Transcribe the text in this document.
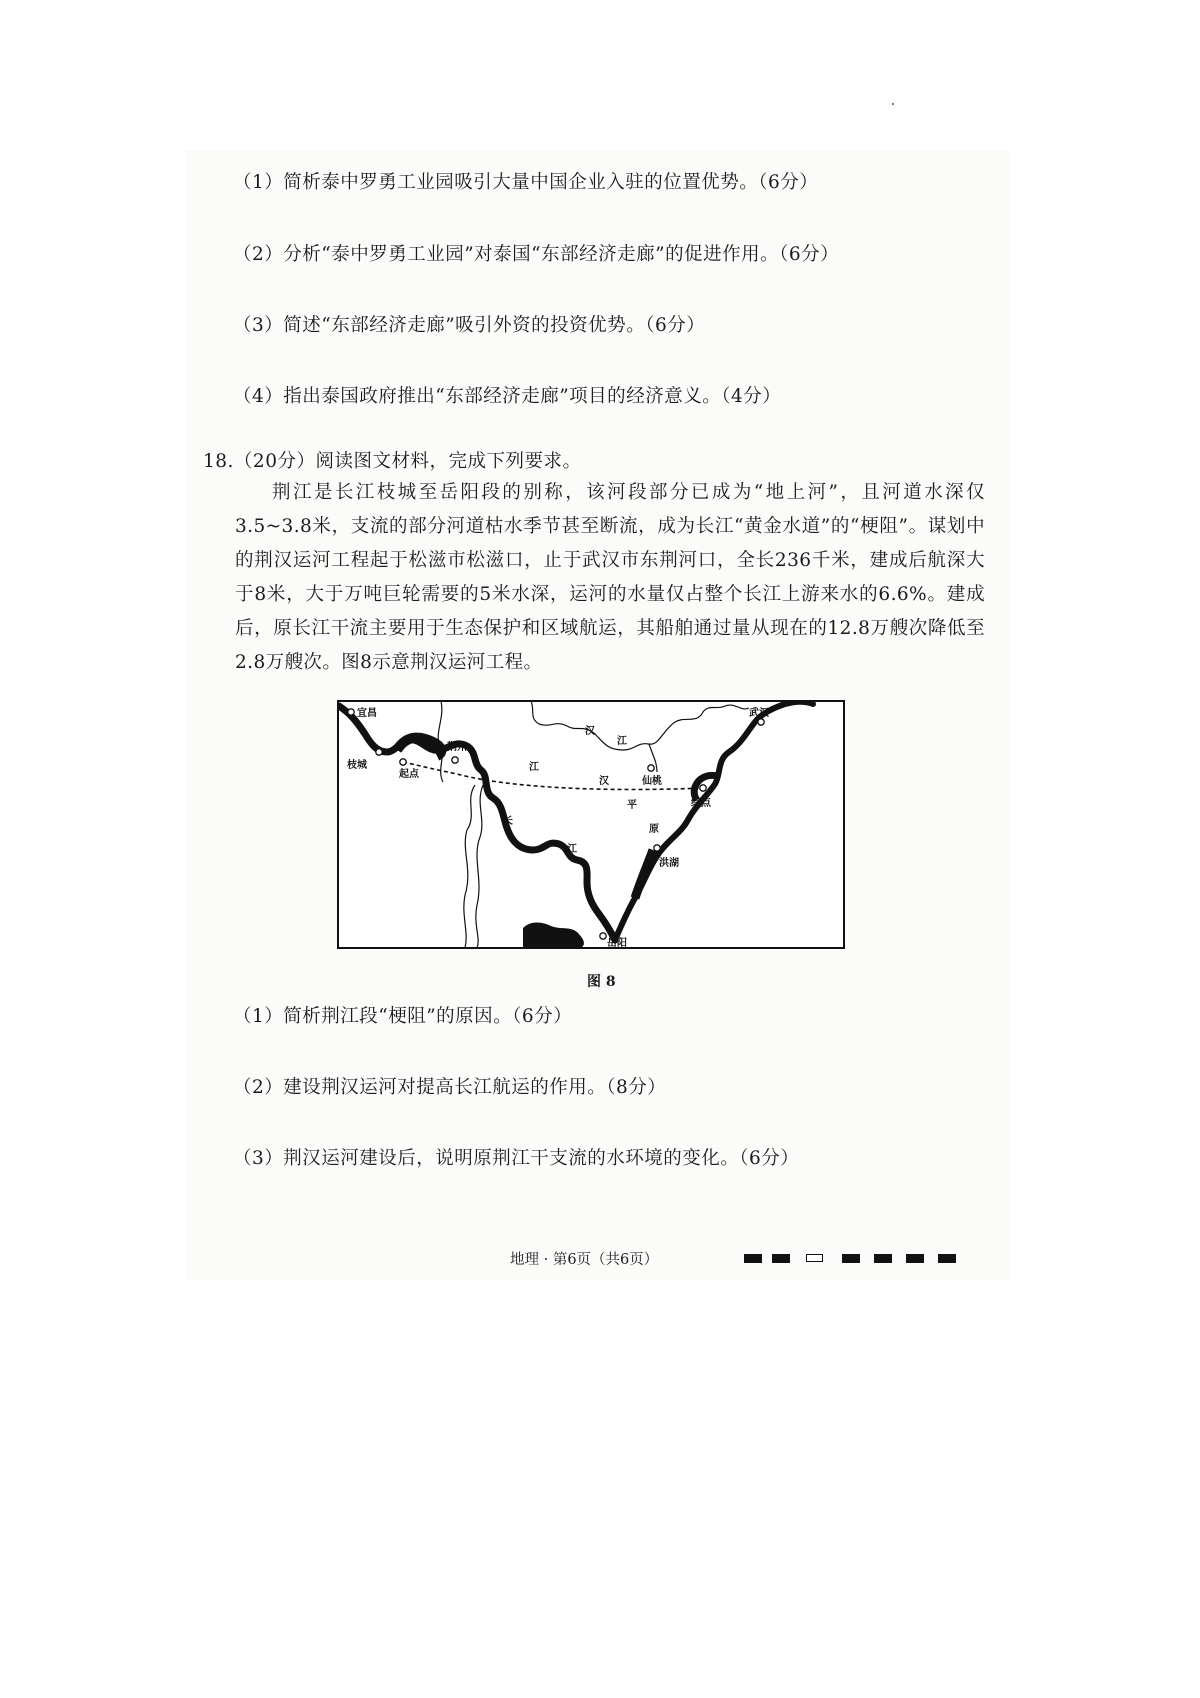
（1）简析泰中罗勇工业园吸引大量中国企业入驻的位置优势。（6分）
（2）分析“泰中罗勇工业园”对泰国“东部经济走廊”的促进作用。（6分）
（3）简述“东部经济走廊”吸引外资的投资优势。（6分）
（4）指出泰国政府推出“东部经济走廊”项目的经济意义。（4分）
18.（20分）阅读图文材料，完成下列要求。

荆江是长江枝城至岳阳段的别称，该河段部分已成为“地上河”，且河道水深仅3.5~3.8米，支流的部分河道枯水季节甚至断流，成为长江“黄金水道”的“梗阻”。谋划中的荆汉运河工程起于松滋市松滋口，止于武汉市东荆河口，全长236千米，建成后航深大于8米，大于万吨巨轮需要的5米水深，运河的水量仅占整个长江上游来水的6.6%。建成后，原长江干流主要用于生态保护和区域航运，其船舶通过量从现在的12.8万艘次降低至2.8万艘次。图8示意荆汉运河工程。

宜昌
枝城
起点
荆州
仙桃
武汉
终点
洪湖
岳阳
洞庭湖
江
汉
平
原
长
江
汉
江
图 8
（1）简析荆江段“梗阻”的原因。（6分）
（2）建设荆汉运河对提高长江航运的作用。（8分）
（3）荆汉运河建设后，说明原荆江干支流的水环境的变化。（6分）
地理 · 第6页（共6页）
